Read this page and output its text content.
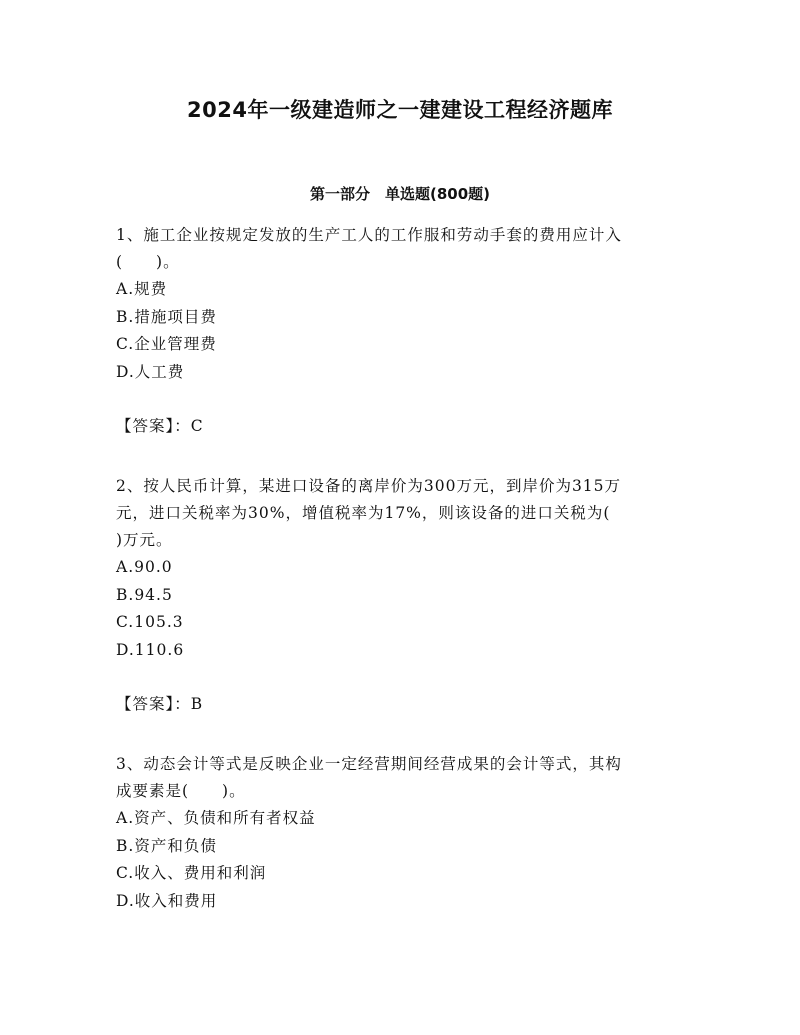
2024年一级建造师之一建建设工程经济题库
第一部分　单选题(800题)

1、施工企业按规定发放的生产工人的工作服和劳动手套的费用应计入

(　　)。

A.规费

B.措施项目费

C.企业管理费

D.人工费

【答案】：C

2、按人民币计算，某进口设备的离岸价为300万元，到岸价为315万

元，进口关税率为30%，增值税率为17%，则该设备的进口关税为(

)万元。

A.90.0

B.94.5

C.105.3

D.110.6

【答案】：B

3、动态会计等式是反映企业一定经营期间经营成果的会计等式，其构

成要素是(　　)。

A.资产、负债和所有者权益

B.资产和负债

C.收入、费用和利润

D.收入和费用
